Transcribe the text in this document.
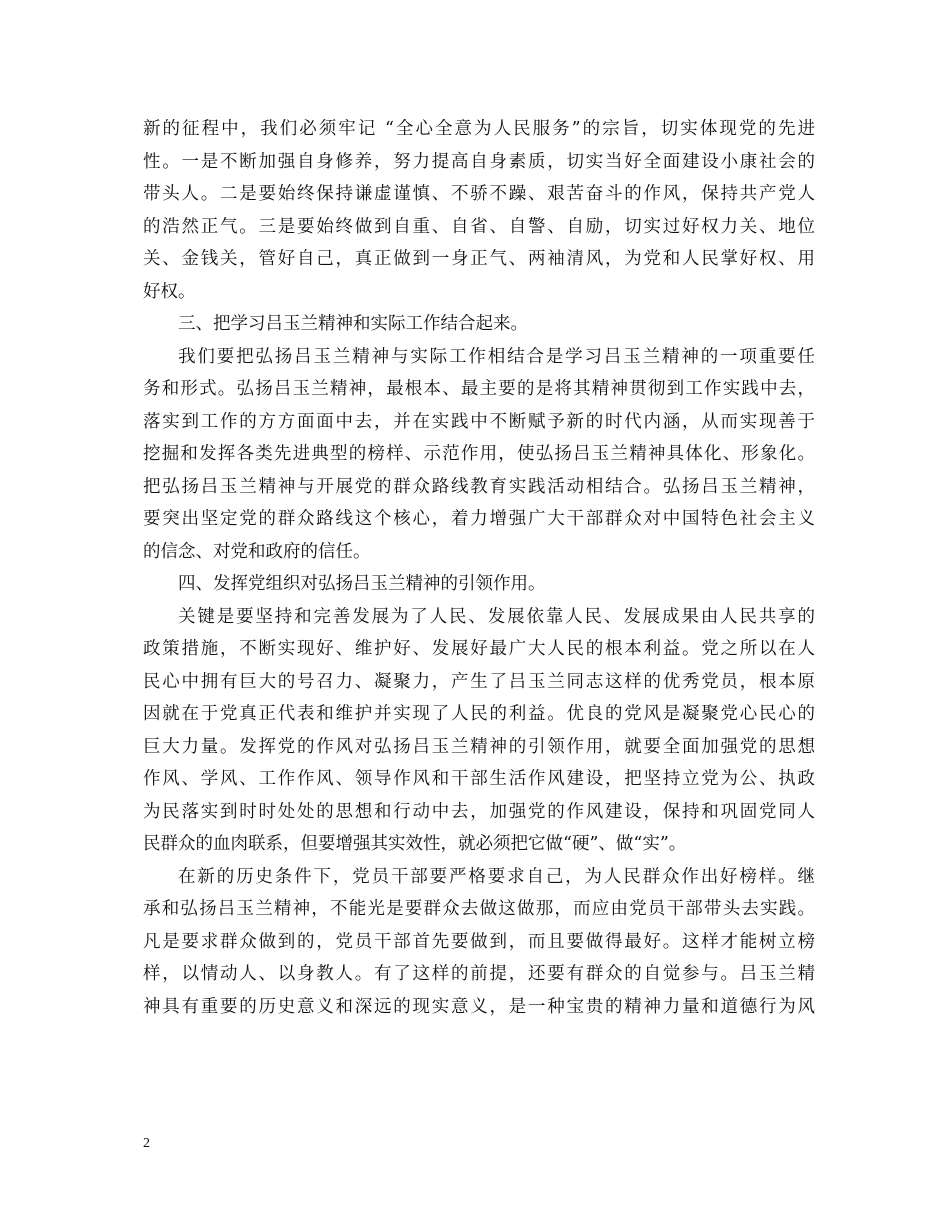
新的征程中，我们必须牢记 “全心全意为人民服务”的宗旨，切实体现党的先进
性。一是不断加强自身修养，努力提高自身素质，切实当好全面建设小康社会的
带头人。二是要始终保持谦虚谨慎、不骄不躁、艰苦奋斗的作风，保持共产党人
的浩然正气。三是要始终做到自重、自省、自警、自励，切实过好权力关、地位
关、金钱关，管好自己，真正做到一身正气、两袖清风，为党和人民掌好权、用
好权。
三、把学习吕玉兰精神和实际工作结合起来。
我们要把弘扬吕玉兰精神与实际工作相结合是学习吕玉兰精神的一项重要任
务和形式。弘扬吕玉兰精神，最根本、最主要的是将其精神贯彻到工作实践中去，
落实到工作的方方面面中去，并在实践中不断赋予新的时代内涵，从而实现善于
挖掘和发挥各类先进典型的榜样、示范作用，使弘扬吕玉兰精神具体化、形象化。
把弘扬吕玉兰精神与开展党的群众路线教育实践活动相结合。弘扬吕玉兰精神，
要突出坚定党的群众路线这个核心，着力增强广大干部群众对中国特色社会主义
的信念、对党和政府的信任。
四、发挥党组织对弘扬吕玉兰精神的引领作用。
关键是要坚持和完善发展为了人民、发展依靠人民、发展成果由人民共享的
政策措施，不断实现好、维护好、发展好最广大人民的根本利益。党之所以在人
民心中拥有巨大的号召力、凝聚力，产生了吕玉兰同志这样的优秀党员，根本原
因就在于党真正代表和维护并实现了人民的利益。优良的党风是凝聚党心民心的
巨大力量。发挥党的作风对弘扬吕玉兰精神的引领作用，就要全面加强党的思想
作风、学风、工作作风、领导作风和干部生活作风建设，把坚持立党为公、执政
为民落实到时时处处的思想和行动中去，加强党的作风建设，保持和巩固党同人
民群众的血肉联系，但要增强其实效性，就必须把它做“硬”、做“实”。
在新的历史条件下，党员干部要严格要求自己，为人民群众作出好榜样。继
承和弘扬吕玉兰精神，不能光是要群众去做这做那，而应由党员干部带头去实践。
凡是要求群众做到的，党员干部首先要做到，而且要做得最好。这样才能树立榜
样，以情动人、以身教人。有了这样的前提，还要有群众的自觉参与。吕玉兰精
神具有重要的历史意义和深远的现实意义，是一种宝贵的精神力量和道德行为风
2
